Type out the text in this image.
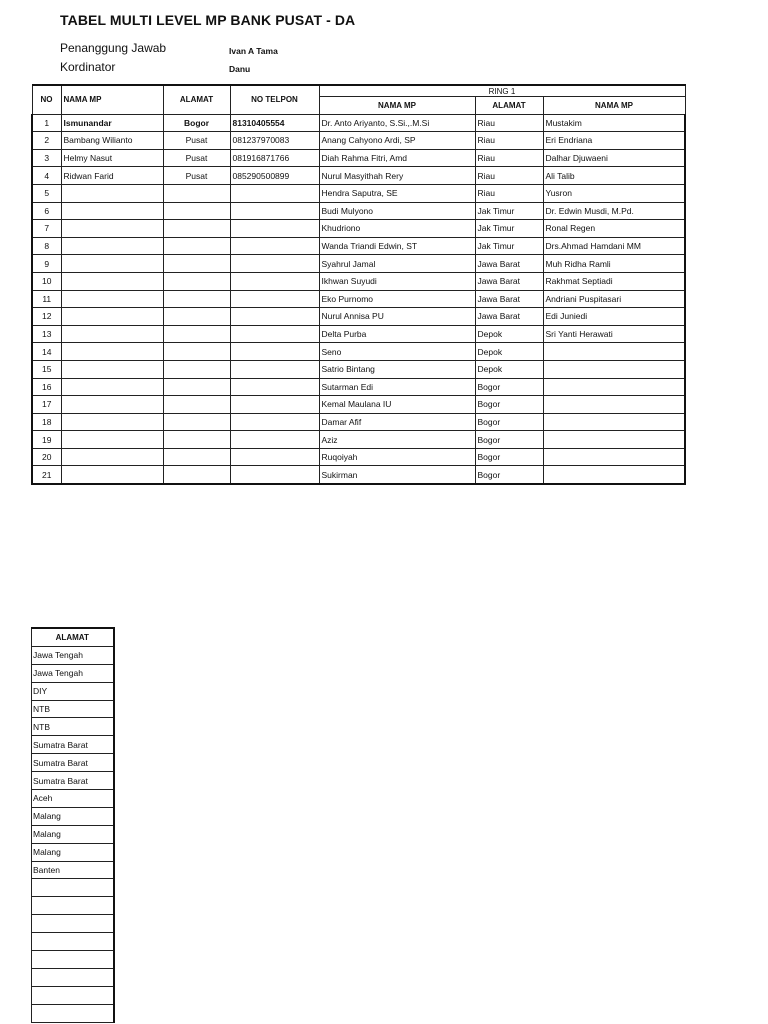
TABEL MULTI LEVEL MP BANK PUSAT - DA
Penanggung Jawab	Ivan A Tama
Kordinator	Danu
NO	NAMA MP	ALAMAT	NO TELPON	RING 1		
				NAMA MP	ALAMAT	NAMA MP
1	Ismunandar	Bogor	81310405554	Dr. Anto Ariyanto, S.Si.,.M.Si	Riau	Mustakim
2	Bambang Wilianto	Pusat	081237970083	Anang Cahyono Ardi, SP	Riau	Eri Endriana
3	Helmy Nasut	Pusat	081916871766	Diah Rahma Fitri, Amd	Riau	Dalhar Djuwaeni
4	Ridwan Farid	Pusat	085290500899	Nurul Masyithah Rery	Riau	Ali Talib
5				Hendra Saputra, SE	Riau	Yusron
6				Budi Mulyono	Jak Timur	Dr. Edwin Musdi, M.Pd.
7				Khudriono	Jak Timur	Ronal Regen
8				Wanda Triandi Edwin, ST	Jak Timur	Drs.Ahmad Hamdani MM
9				Syahrul Jamal	Jawa Barat	Muh Ridha Ramli
10				Ikhwan Suyudi	Jawa Barat	Rakhmat Septiadi
11				Eko Purnomo	Jawa Barat	Andriani Puspitasari
12				Nurul Annisa PU	Jawa Barat	Edi Juniedi
13				Delta Purba	Depok	Sri Yanti Herawati
14				Seno	Depok	
15				Satrio Bintang	Depok	
16				Sutarman Edi	Bogor	
17				Kemal Maulana IU	Bogor	
18				Damar Afif	Bogor	
19				Aziz	Bogor	
20				Ruqoiyah	Bogor	
21				Sukirman	Bogor	
ALAMAT
Jawa Tengah
Jawa Tengah
DIY
NTB
NTB
Sumatra Barat
Sumatra Barat
Sumatra Barat
Aceh
Malang
Malang
Malang
Banten
